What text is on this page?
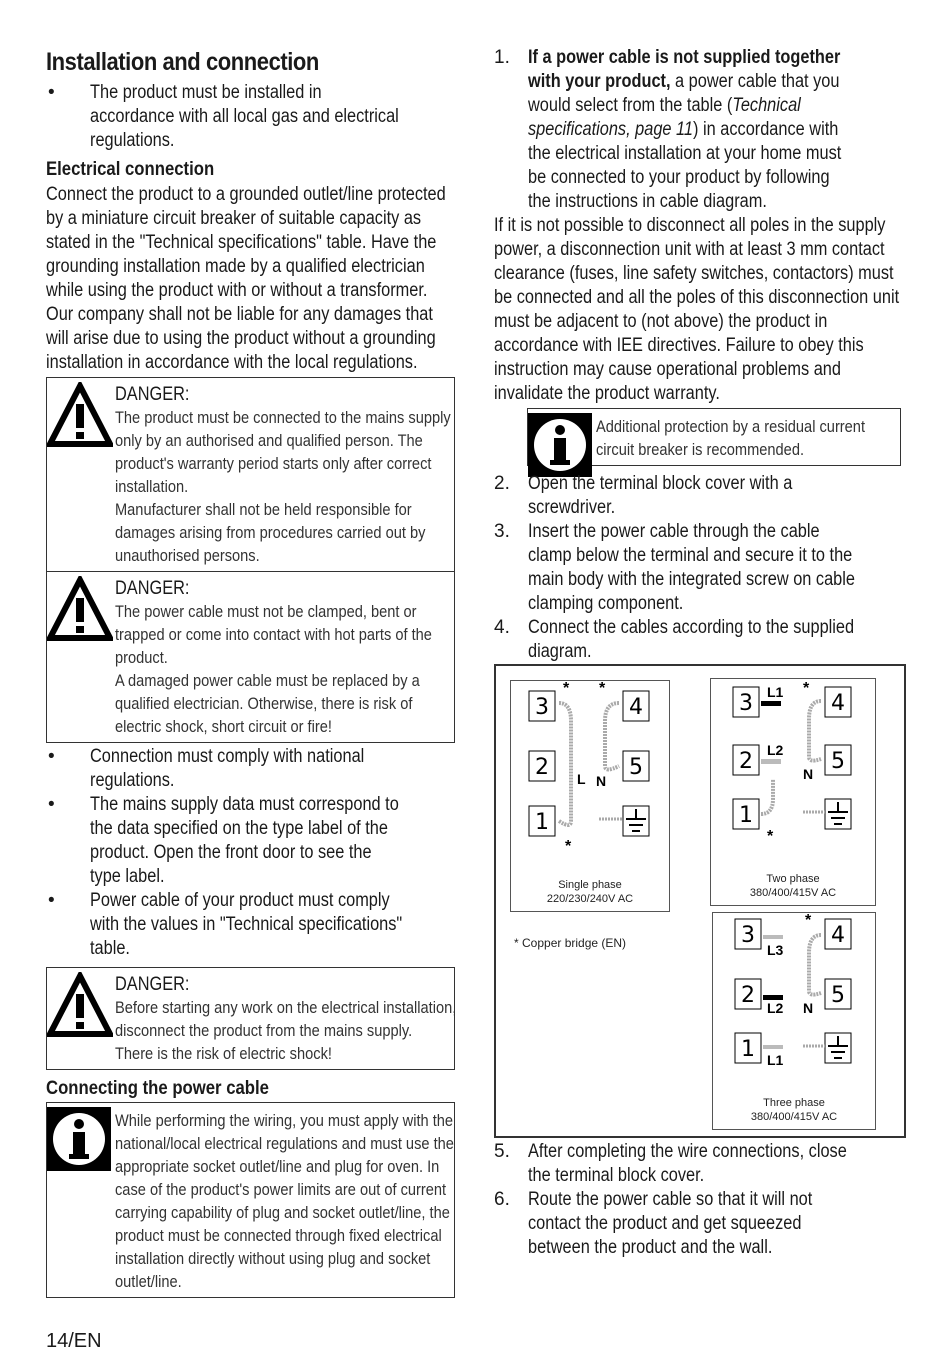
Installation and connection
•	The product must be installed in accordance with all local gas and electrical regulations.
Electrical connection

Connect the product to a grounded outlet/line protected by a miniature circuit breaker of suitable capacity as stated in the "Technical specifications" table. Have the grounding installation made by a qualified electrician while using the product with or without a transformer. Our company shall not be liable for any damages that will arise due to using the product without a grounding installation in accordance with the local regulations.

DANGER:
The product must be connected to the mains supply only by an authorised and qualified person. The product's warranty period starts only after correct installation.
Manufacturer shall not be held responsible for damages arising from procedures carried out by unauthorised persons.
DANGER:
The power cable must not be clamped, bent or trapped or come into contact with hot parts of the product.
A damaged power cable must be replaced by a qualified electrician. Otherwise, there is risk of electric shock, short circuit or fire!
•	Connection must comply with national regulations.
•	The mains supply data must correspond to the data specified on the type label of the product. Open the front door to see the type label.
•	Power cable of your product must comply with the values in "Technical specifications" table.
DANGER:
Before starting any work on the electrical installation, disconnect the product from the mains supply.
There is the risk of electric shock!
Connecting the power cable
While performing the wiring, you must apply with the national/local electrical regulations and must use the appropriate socket outlet/line and plug for oven. In case of the product's power limits are out of current carrying capability of plug and socket outlet/line, the product must be connected through fixed electrical installation directly without using plug and socket outlet/line.
1. If a power cable is not supplied together with your product, a power cable that you would select from the table (Technical specifications, page 11) in accordance with the electrical installation at your home must be connected to your product by following the instructions in cable diagram.

If it is not possible to disconnect all poles in the supply power, a disconnection unit with at least 3 mm contact clearance (fuses, line safety switches, contactors) must be connected and all the poles of this disconnection unit must be adjacent to (not above) the product in accordance with IEE directives. Failure to obey this instruction may cause operational problems and invalidate the product warranty.

Additional protection by a residual current circuit breaker is recommended.
2. Open the terminal block cover with a screwdriver.
3. Insert the power cable through the cable clamp below the terminal and secure it to the main body with the integrated screw on cable clamping component.
4. Connect the cables according to the supplied diagram.
3	4
2	5
1
* *
*
L N
Single phase
220/230/240V AC
3	4
2	5
1
L1
L2
N
*
*
Two phase
380/400/415V AC
3	4
2	5
1
L3
L2
L1
N
*
Three phase
380/400/415V AC
* Copper bridge (EN)
5. After completing the wire connections, close the terminal block cover.
6. Route the power cable so that it will not contact the product and get squeezed between the product and the wall.
14/EN
